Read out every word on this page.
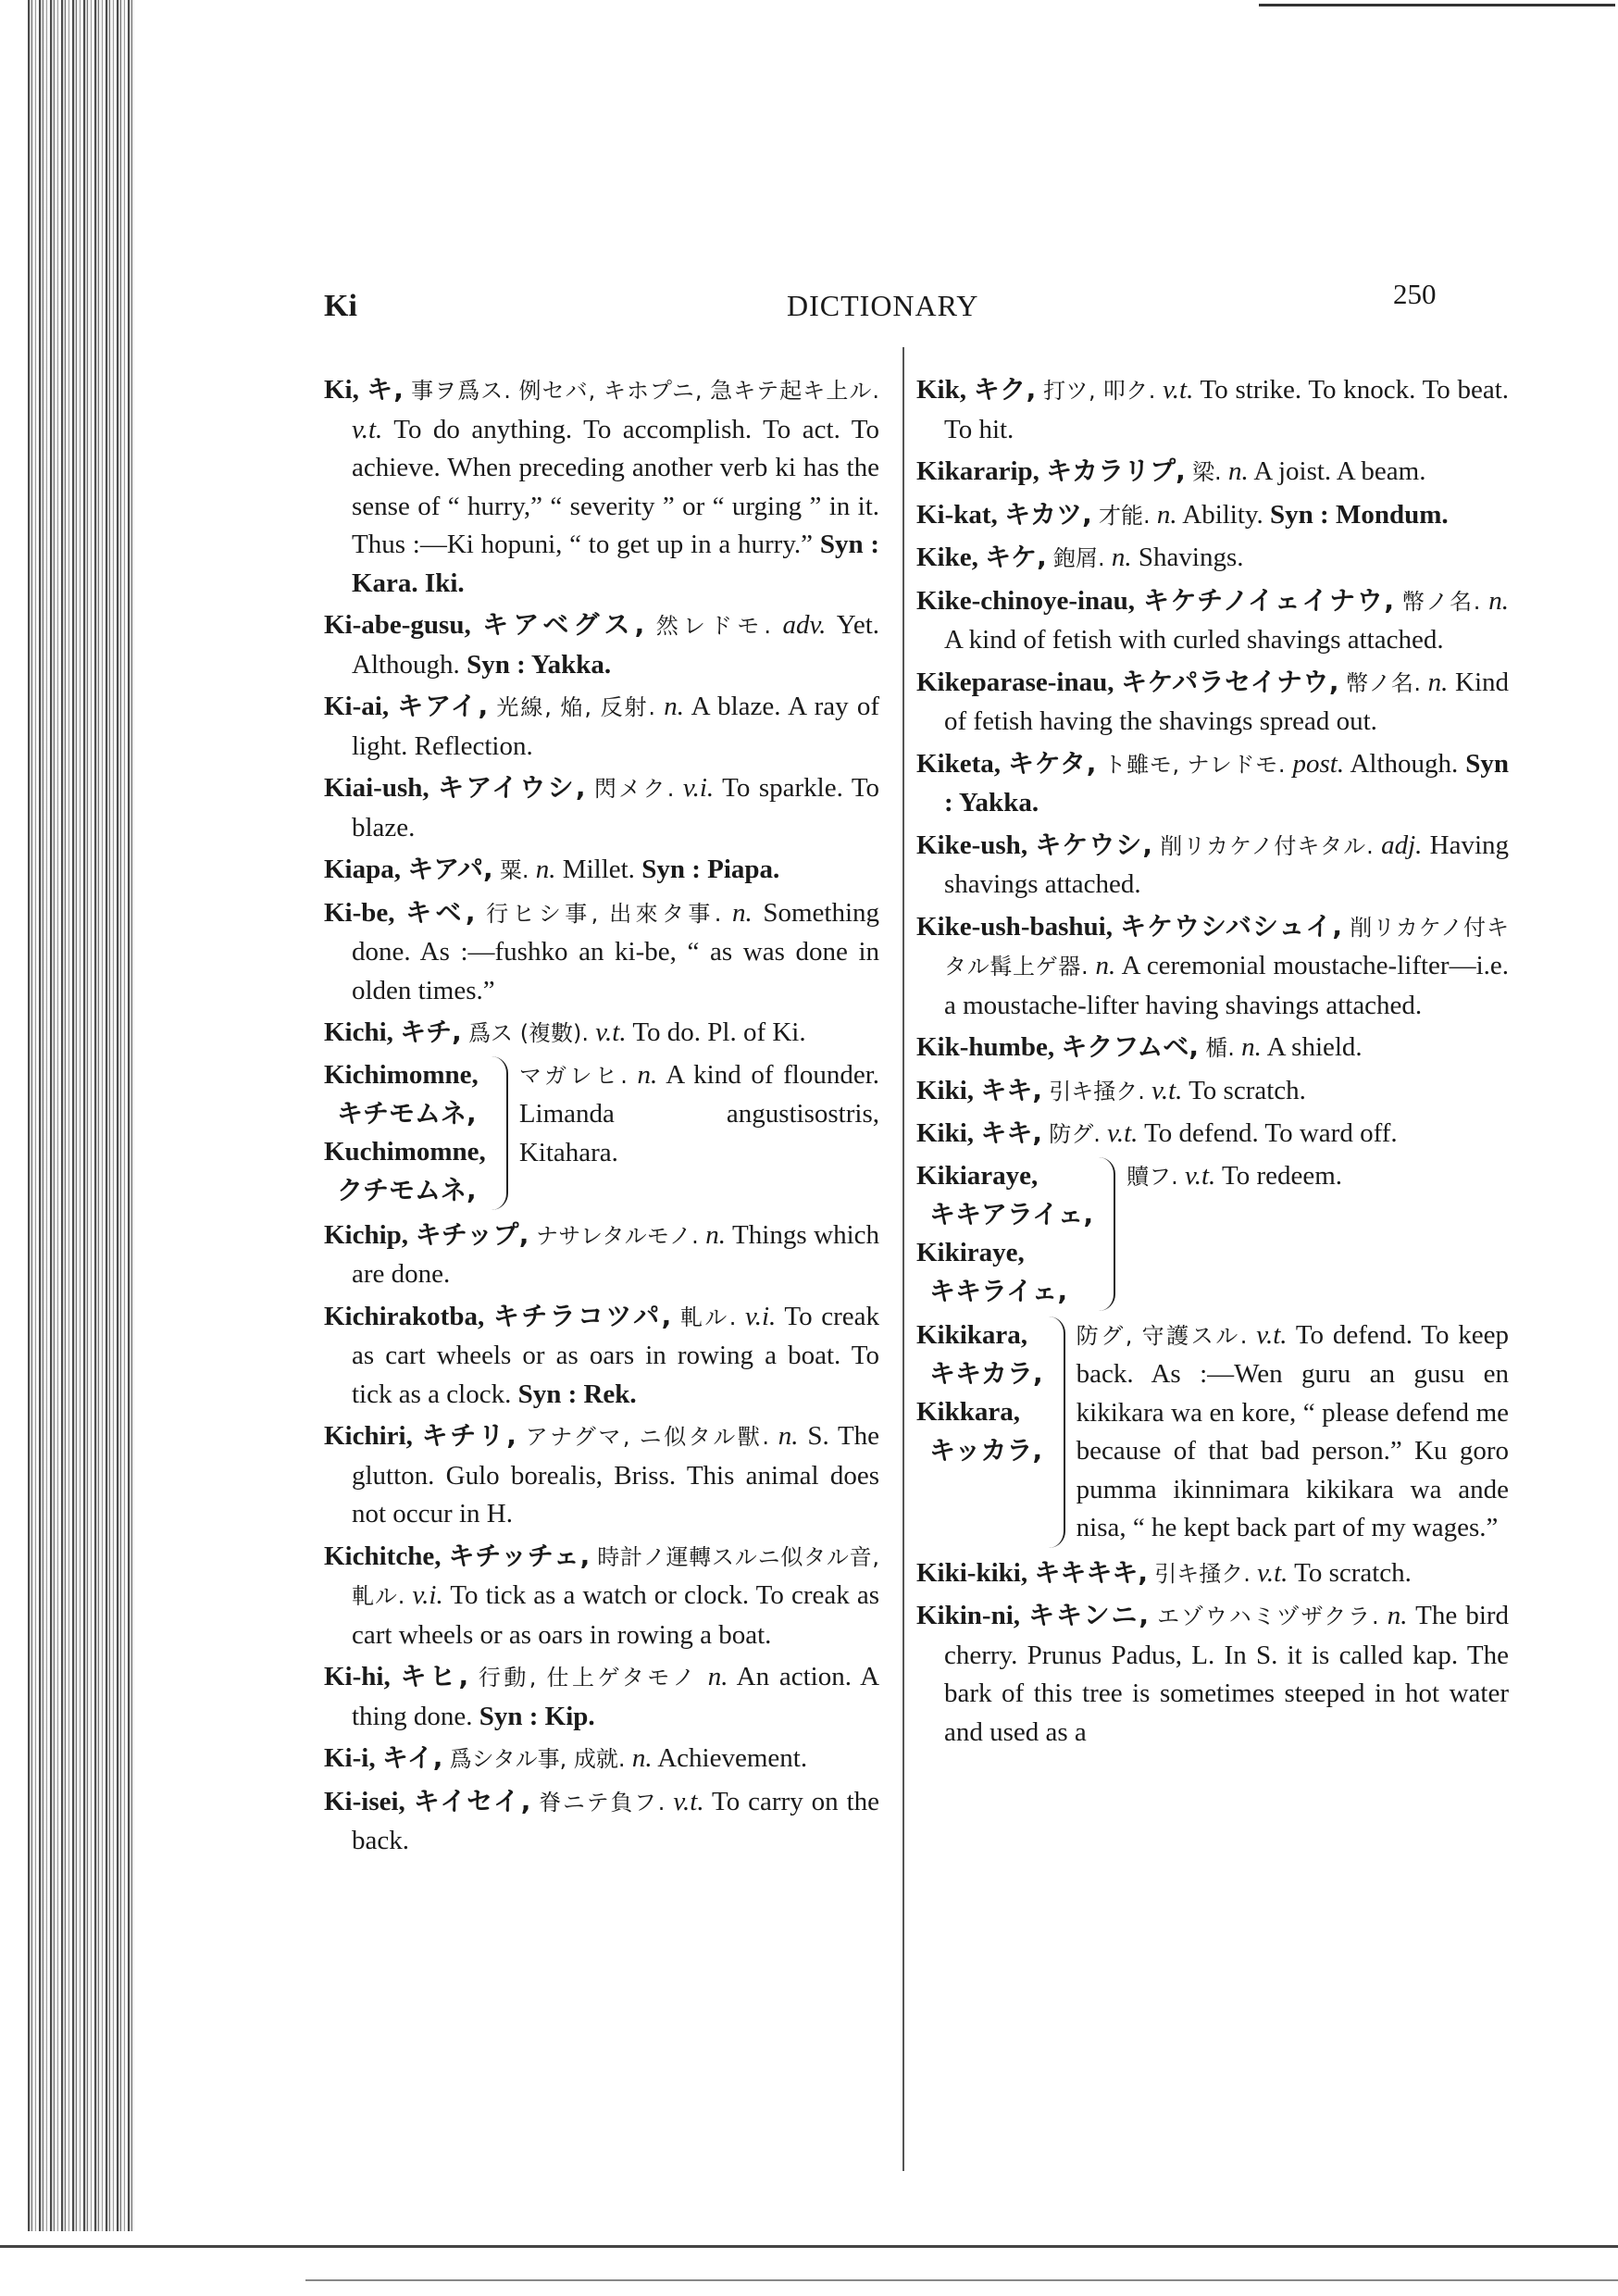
Ki	DICTIONARY	250
Ki, キ, 事ヲ爲ス. 例セバ, キホプニ, 急キテ起キ上ル. v.t. To do anything. To accomplish. To act. To achieve. When preceding another verb ki has the sense of “ hurry,” “ severity ” or “ urging ” in it. Thus :—Ki hopuni, “ to get up in a hurry.” Syn : Kara. Iki.
Ki-abe-gusu, キアベグス, 然レドモ. adv. Yet. Although. Syn : Yakka.
Ki-ai, キアイ, 光線, 焔, 反射. n. A blaze. A ray of light. Reflection.
Kiai-ush, キアイウシ, 閃メク. v.i. To sparkle. To blaze.
Kiapa, キアパ, 粟. n. Millet. Syn : Piapa.
Ki-be, キベ, 行ヒシ事, 出來タ事. n. Something done. As :—fushko an ki-be, “ as was done in olden times.”
Kichi, キチ, 爲ス (複數). v.t. To do. Pl. of Ki.
Kichimomne,
キチモムネ,
Kuchimomne,
クチモムネ,
マガレヒ. n. A kind of flounder. Limanda angustisostris, Kitahara.
Kichip, キチップ, ナサレタルモノ. n. Things which are done.
Kichirakotba, キチラコツパ, 軋ル. v.i. To creak as cart wheels or as oars in rowing a boat. To tick as a clock. Syn : Rek.
Kichiri, キチリ, アナグマ, ニ似タル獸. n. S. The glutton. Gulo borealis, Briss. This animal does not occur in H.
Kichitche, キチッチェ, 時計ノ運轉スルニ似タル音, 軋ル. v.i. To tick as a watch or clock. To creak as cart wheels or as oars in rowing a boat.
Ki-hi, キヒ, 行動, 仕上ゲタモノ n. An action. A thing done. Syn : Kip.
Ki-i, キイ, 爲シタル事, 成就. n. Achievement.
Ki-isei, キイセイ, 脊ニテ負フ. v.t. To carry on the back.
Kik, キク, 打ツ, 叩ク. v.t. To strike. To knock. To beat. To hit.
Kikararip, キカラリプ, 梁. n. A joist. A beam.
Ki-kat, キカツ, 才能. n. Ability. Syn : Mondum.
Kike, キケ, 鉋屑. n. Shavings.
Kike-chinoye-inau, キケチノイェイナウ, 幣ノ名. n. A kind of fetish with curled shavings attached.
Kikeparase-inau, キケパラセイナウ, 幣ノ名. n. Kind of fetish having the shavings spread out.
Kiketa, キケタ, ト雖モ, ナレドモ. post. Although. Syn : Yakka.
Kike-ush, キケウシ, 削リカケノ付キタル. adj. Having shavings attached.
Kike-ush-bashui, キケウシバシュイ, 削リカケノ付キタル髯上ゲ器. n. A ceremonial moustache-lifter—i.e. a moustache-lifter having shavings attached.
Kik-humbe, キクフムベ, 楯. n. A shield.
Kiki, キキ, 引キ掻ク. v.t. To scratch.
Kiki, キキ, 防グ. v.t. To defend. To ward off.
Kikiaraye,
キキアライェ,
Kikiraye,
キキライェ,
贖フ. v.t. To redeem.
Kikikara,
キキカラ,
Kikkara,
キッカラ,
防グ, 守護スル. v.t. To defend. To keep back. As :—Wen guru an gusu en kikikara wa en kore, “ please defend me because of that bad person.” Ku goro pumma ikinnimara kikikara wa ande nisa, “ he kept back part of my wages.”
Kiki-kiki, キキキキ, 引キ掻ク. v.t. To scratch.
Kikin-ni, キキンニ, エゾウハミヅザクラ. n. The bird cherry. Prunus Padus, L. In S. it is called kap. The bark of this tree is sometimes steeped in hot water and used as a
